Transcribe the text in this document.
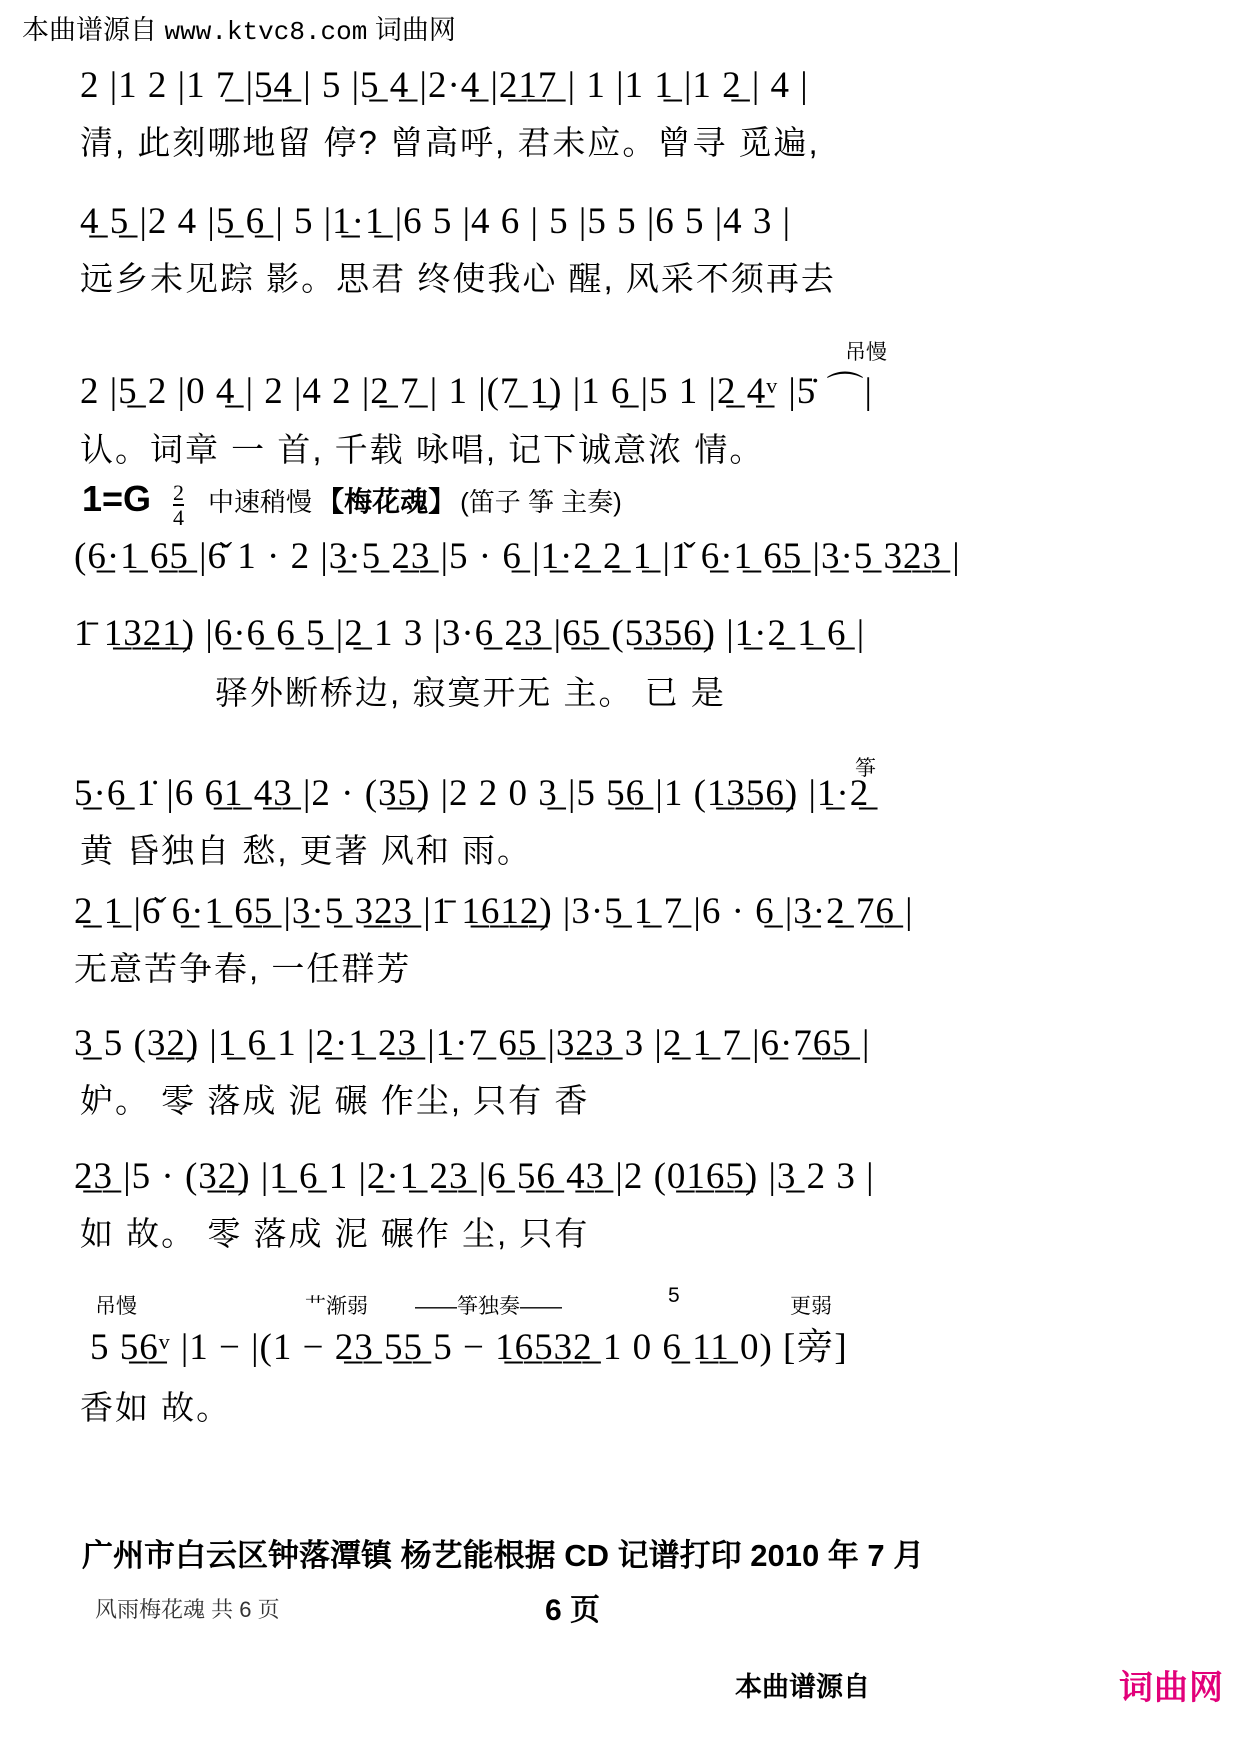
本曲谱源自 www.ktvc8.com 词曲网
2 |1 2 |1 7̲ |5̲4̲ | 5 |5̲ 4̲ |2·4̲ |2̲1̲7̲ | 1 |1 1̲ |1 2̲ | 4 |
清, 此刻哪地留 停? 曾高呼, 君未应。曾寻 觅遍,
4̲ 5̲ |2 4 |5̲ 6̲ | 5 |1̲·1̲ |6 5 |4 6 | 5 |5 5 |6 5 |4 3 |
远乡未见踪 影。思君 终使我心 醒, 风采不须再去
吊慢
2 |5̲ 2 |0 4̲ | 2 |4 2 |2̲ 7̲ | 1 |(7̲ 1̲) |1 6̲ |5 1 |2̲ 4̲ᵛ |5̇ ⌒|
认。词章 一 首, 千载 咏唱, 记下诚意浓 情。
$1=G \frac{2}{4}$ 中速稍慢 【梅花魂】 (笛子 筝 主奏)
(6̲·1̲ 6̲5̲ |6̌ 1 · 2 |3̲·5̲ 2̲3̲ |5 · 6̲ |1̲·2̲ 2̲ 1̲ |1̌ 6̲·1̲ 6̲5̲ |3̲·5̲ 3̲2̲3̲ |
1̄ 1̲3̲2̲1̲) |6̲·6̲ 6̲ 5̲ |2̲ 1 3 |3·6̲ 2̲3̲ |6̲5̲ (5̲3̲5̲6̲) |1̲·2̲ 1̲ 6̲ |
驿外断桥边, 寂寞开无 主。 已 是
筝
5̲·6̲ 1̇ |6 6̲1̲ 4̲3̲ |2 · (3̲5̲) |2 2 0 3̲ |5 5̲6̲ |1 (1̲3̲5̲6̲) |1̲·2̲
黄 昏独自 愁, 更著 风和 雨。
2̲ 1̲ |6̌ 6̲·1̲ 6̲5̲ |3̲·5̲ 3̲2̲3̲ |1̄ 1̲6̲1̲2̲) |3·5̲ 1̲ 7̲ |6 · 6̲ |3̲·2̲ 7̲6̲ |
无意苦争春, 一任群芳
3̲ 5 (3̲2̲) |1̲ 6̲ 1 |2̲·1̲ 2̲3̲ |1̲·7̲ 6̲5̲ |3̲2̲3̲ 3 |2̲ 1̲ 7̲ |6̲·7̲6̲5̲ |
妒。 零 落成 泥 碾 作尘, 只有 香
2̲3̲ |5 · (3̲2̲) |1̲ 6̲ 1 |2̲·1̲ 2̲3̲ |6̲ 5̲6̲ 4̲3̲ |2 (0̲1̲6̲5̲) |3̲ 2 3 |
如 故。 零 落成 泥 碾作 尘, 只有
吊慢	艹渐弱 ——筝独奏——	5	更弱
5 5̲6̲ᵛ |1 − |(1 − 2̲3̲ 5̲5̲ 5 − 1̲6̲5̲3̲2̲ 1 0 6̲ 1̲1̲ 0) [旁]
香如 故。
广州市白云区钟落潭镇 杨艺能根据 CD 记谱打印 2010 年 7 月
风雨梅花魂 共 6 页	6 页
本曲谱源自	词曲网
